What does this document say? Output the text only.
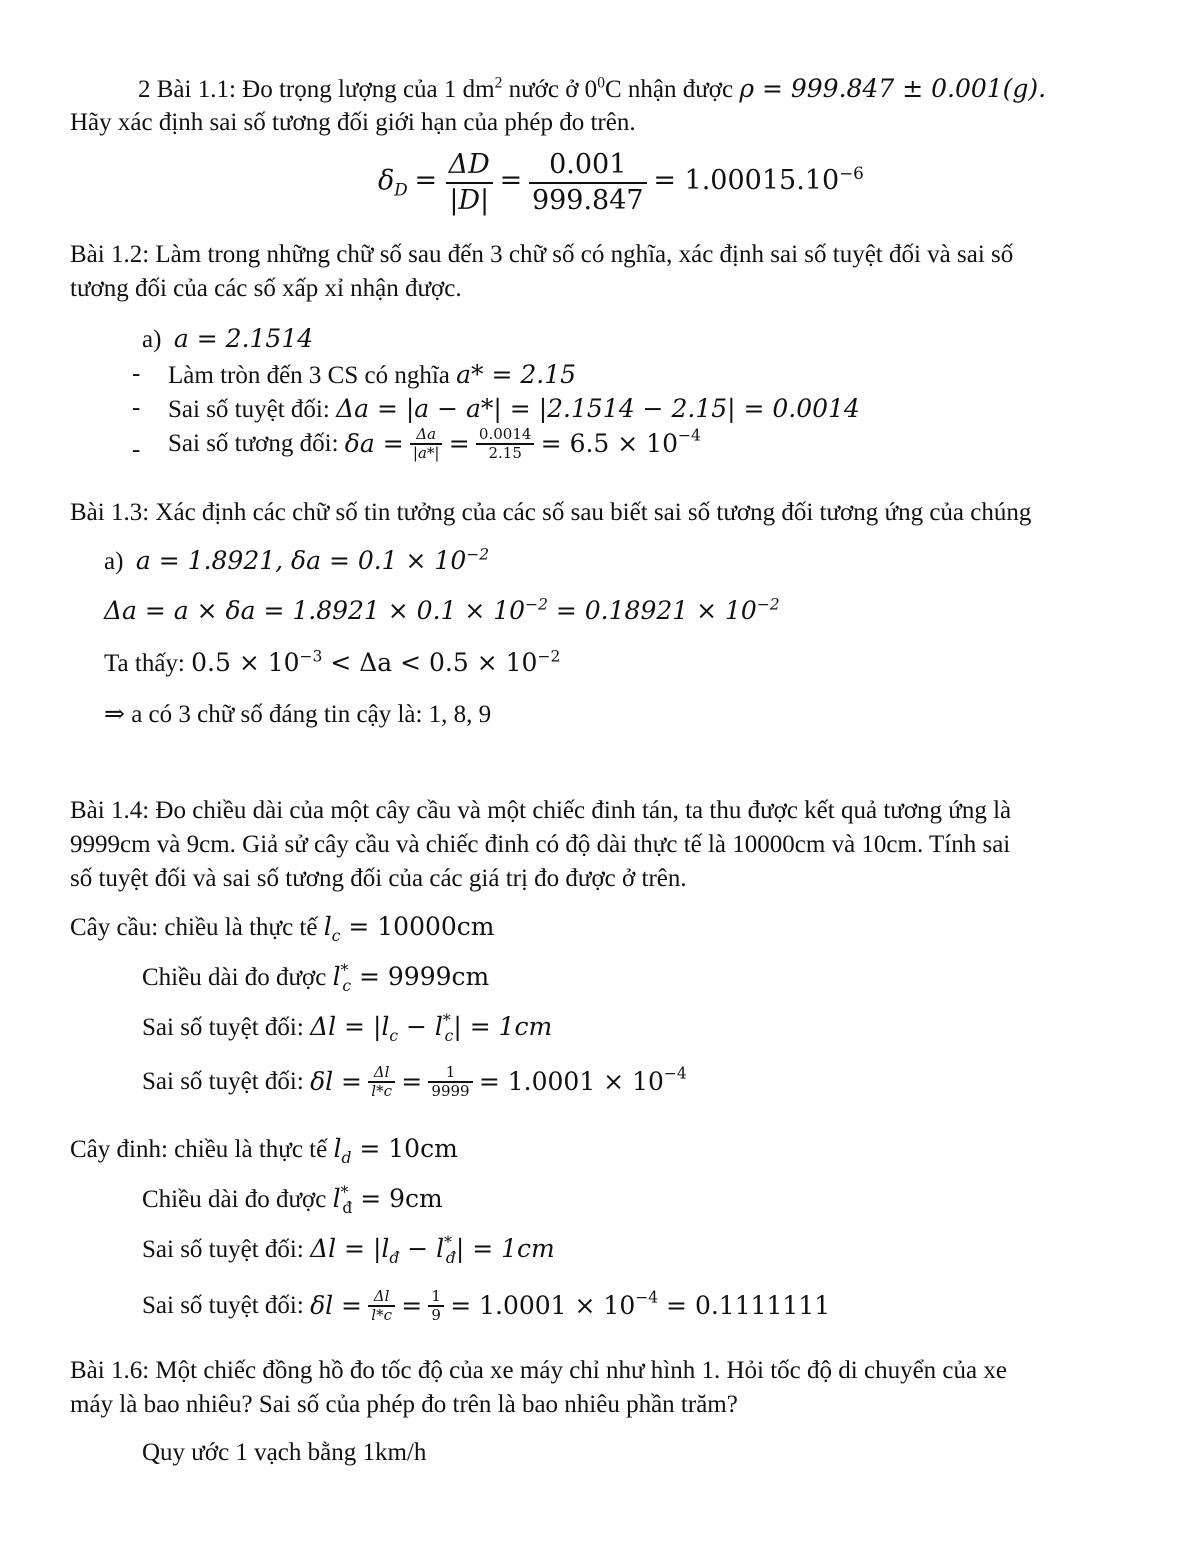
2 Bài 1.1: Đo trọng lượng của 1 $dm^2$ nước ở $0^0C$ nhận được ρ = 999.847 ± 0.001(g).
Hãy xác định sai số tương đối giới hạn của phép đo trên.
$\delta_D = \frac{\Delta D}{|D|} = \frac{0.001}{999.847} = 1.00015.10^{-6}$
Bài 1.2: Làm trong những chữ số sau đến 3 chữ số có nghĩa, xác định sai số tuyệt đối và sai số
tương đối của các số xấp xỉ nhận được.
a) a = 2.1514
- Làm tròn đến 3 CS có nghĩa a* = 2.15
- Sai số tuyệt đối: Δa = |a − a*| = |2.1514 − 2.15| = 0.0014
- Sai số tương đối: $\delta a = \frac{\Delta a}{|a*|} = \frac{0.0014}{2.15} = 6.5 \times 10^{-4}$
Bài 1.3: Xác định các chữ số tin tưởng của các số sau biết sai số tương đối tương ứng của chúng
a) a = 1.8921, $\delta a = 0.1 \times 10^{-2}$
$\Delta a = a \times \delta a = 1.8921 \times 0.1 \times 10^{-2} = 0.18921 \times 10^{-2}$
Ta thấy: $0.5 \times 10^{-3} < \Delta a < 0.5 \times 10^{-2}$
⇒ a có 3 chữ số đáng tin cậy là: 1, 8, 9
Bài 1.4: Đo chiều dài của một cây cầu và một chiếc đinh tán, ta thu được kết quả tương ứng là
9999cm và 9cm. Giả sử cây cầu và chiếc đinh có độ dài thực tế là 10000cm và 10cm. Tính sai
số tuyệt đối và sai số tương đối của các giá trị đo được ở trên.
Cây cầu: chiều là thực tế $l_c = 10000cm$
Chiều dài đo được $l^*_c = 9999cm$
Sai số tuyệt đối: $\Delta l = |l_c - l^*_c| = 1cm$
Sai số tuyệt đối: $\delta l = \frac{\Delta l}{l*c} = \frac{1}{9999} = 1.0001 \times 10^{-4}$
Cây đinh: chiều là thực tế $l_d = 10cm$
Chiều dài đo được $l^*_đ = 9cm$
Sai số tuyệt đối: $\Delta l = |l_đ - l^*_đ| = 1cm$
Sai số tuyệt đối: $\delta l = \frac{\Delta l}{l*c} = \frac{1}{9} = 1.0001 \times 10^{-4} = 0.1111111$
Bài 1.6: Một chiếc đồng hồ đo tốc độ của xe máy chỉ như hình 1. Hỏi tốc độ di chuyển của xe
máy là bao nhiêu? Sai số của phép đo trên là bao nhiêu phần trăm?
Quy ước 1 vạch bằng 1km/h
